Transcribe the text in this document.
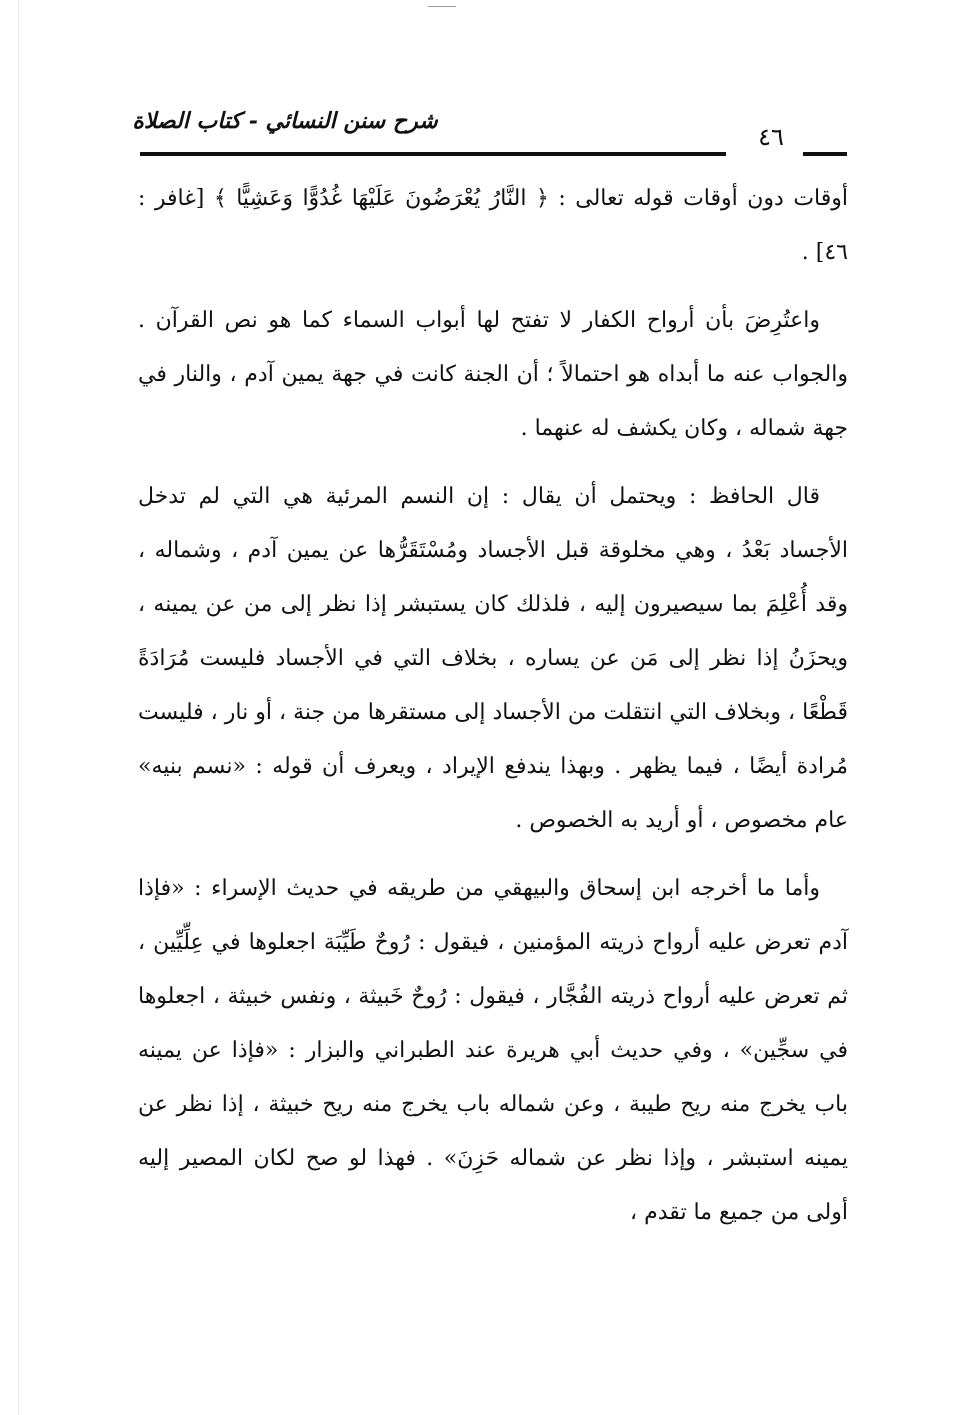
شرح سنن النسائي - كتاب الصلاة
٤٦

أوقات دون أوقات قوله تعالى : ﴿ النَّارُ يُعْرَضُونَ عَلَيْهَا غُدُوًّا وَعَشِيًّا ﴾ [غافر : ٤٦] .

واعتُرِضَ بأن أرواح الكفار لا تفتح لها أبواب السماء كما هو نص القرآن . والجواب عنه ما أبداه هو احتمالاً ؛ أن الجنة كانت في جهة يمين آدم ، والنار في جهة شماله ، وكان يكشف له عنهما .

قال الحافظ : ويحتمل أن يقال : إن النسم المرئية هي التي لم تدخل الأجساد بَعْدُ ، وهي مخلوقة قبل الأجساد ومُسْتَقَرُّها عن يمين آدم ، وشماله ، وقد أُعْلِمَ بما سيصيرون إليه ، فلذلك كان يستبشر إذا نظر إلى من عن يمينه ، ويحزَنُ إذا نظر إلى مَن عن يساره ، بخلاف التي في الأجساد فليست مُرَادَةً قَطْعًا ، وبخلاف التي انتقلت من الأجساد إلى مستقرها من جنة ، أو نار ، فليست مُرادة أيضًا ، فيما يظهر . وبهذا يندفع الإيراد ، ويعرف أن قوله : «نسم بنيه» عام مخصوص ، أو أريد به الخصوص .

وأما ما أخرجه ابن إسحاق والبيهقي من طريقه في حديث الإسراء : «فإذا آدم تعرض عليه أرواح ذريته المؤمنين ، فيقول : رُوحٌ طَيِّبَة اجعلوها في عِلِّيِّين ، ثم تعرض عليه أرواح ذريته الفُجَّار ، فيقول : رُوحٌ خَبيثة ، ونفس خبيثة ، اجعلوها في سجِّين» ، وفي حديث أبي هريرة عند الطبراني والبزار : «فإذا عن يمينه باب يخرج منه ريح طيبة ، وعن شماله باب يخرج منه ريح خبيثة ، إذا نظر عن يمينه استبشر ، وإذا نظر عن شماله حَزِنَ» . فهذا لو صح لكان المصير إليه أولى من جميع ما تقدم ،
